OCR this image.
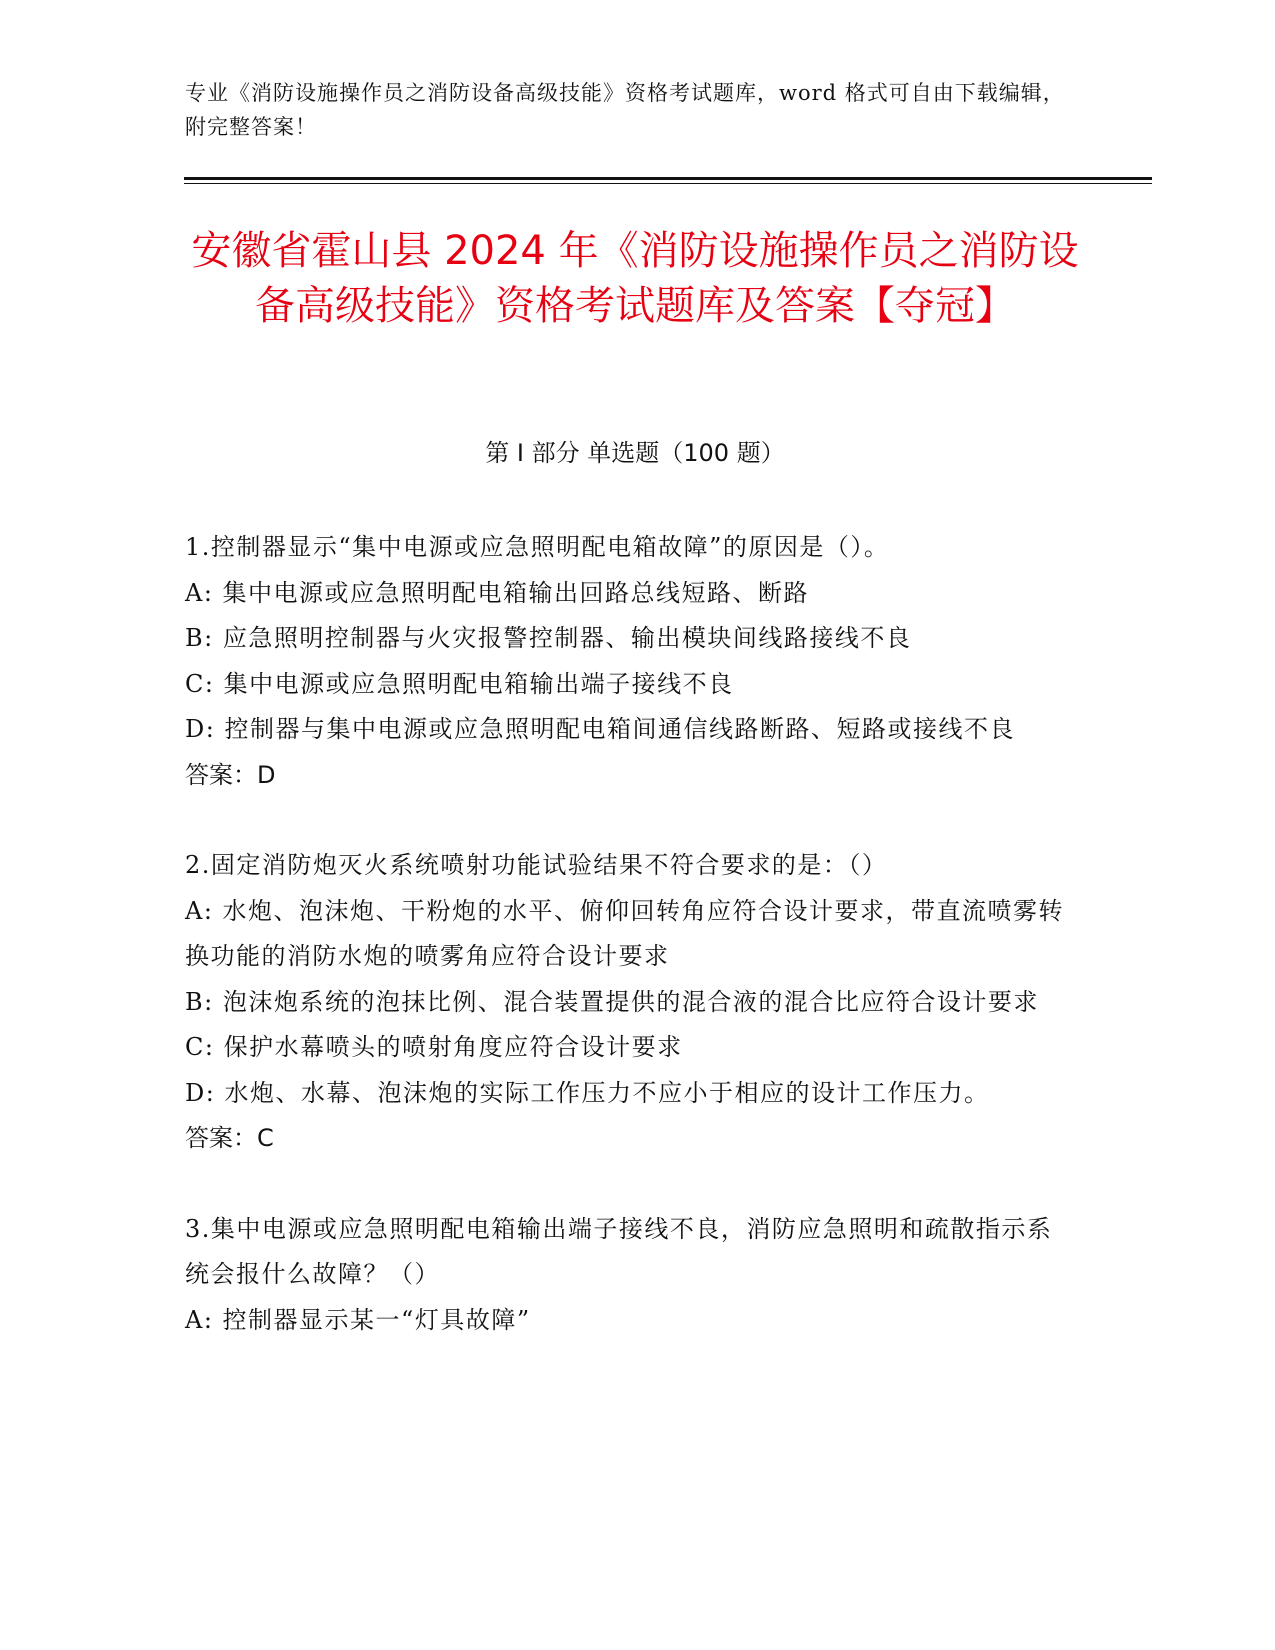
专业《消防设施操作员之消防设备高级技能》资格考试题库，word 格式可自由下载编辑，附完整答案！
安徽省霍山县 2024 年《消防设施操作员之消防设备高级技能》资格考试题库及答案【夺冠】
第 I 部分 单选题（100 题）

1.控制器显示“集中电源或应急照明配电箱故障”的原因是（）。

A: 集中电源或应急照明配电箱输出回路总线短路、断路

B: 应急照明控制器与火灾报警控制器、输出模块间线路接线不良

C: 集中电源或应急照明配电箱输出端子接线不良

D: 控制器与集中电源或应急照明配电箱间通信线路断路、短路或接线不良

答案：D

2.固定消防炮灭火系统喷射功能试验结果不符合要求的是：（）

A: 水炮、泡沫炮、干粉炮的水平、俯仰回转角应符合设计要求，带直流喷雾转换功能的消防水炮的喷雾角应符合设计要求

B: 泡沫炮系统的泡抹比例、混合装置提供的混合液的混合比应符合设计要求

C: 保护水幕喷头的喷射角度应符合设计要求

D: 水炮、水幕、泡沫炮的实际工作压力不应小于相应的设计工作压力。

答案：C

3.集中电源或应急照明配电箱输出端子接线不良，消防应急照明和疏散指示系统会报什么故障？（）

A: 控制器显示某一“灯具故障”
